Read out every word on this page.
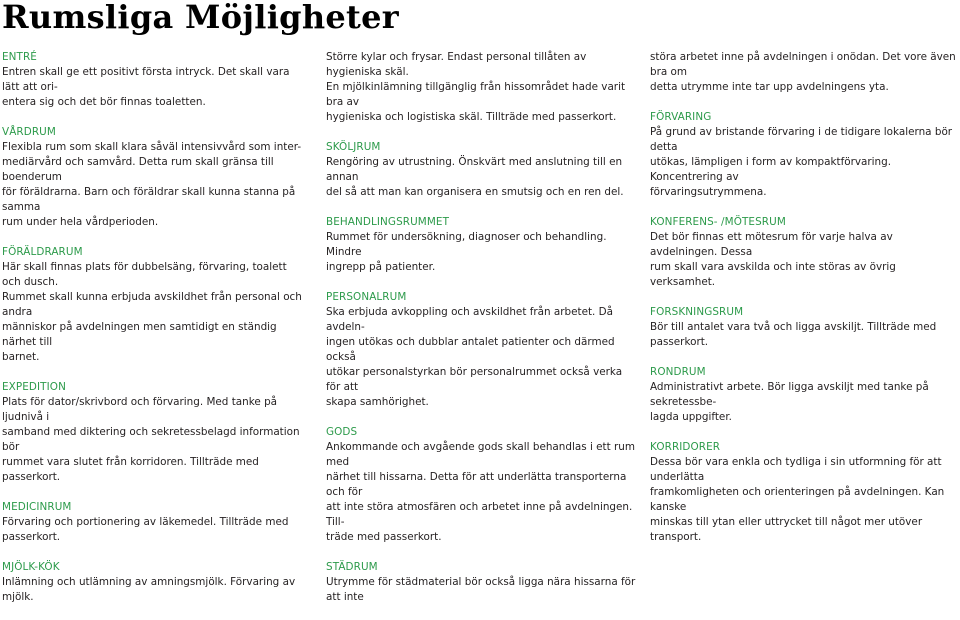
Rumsliga Möjligheter
ENTRÉ
Entren skall ge ett positivt första intryck. Det skall vara lätt att ori-
entera sig och det bör finnas toaletten.
VÅRDRUM
Flexibla rum som skall klara såväl intensivvård som inter-
mediärvård och samvård. Detta rum skall gränsa till boenderum
för föräldrarna. Barn och föräldrar skall kunna stanna på samma
rum under hela vårdperioden.
FÖRÄLDRARUM
Här skall finnas plats för dubbelsäng, förvaring, toalett och dusch.
Rummet skall kunna erbjuda avskildhet från personal och andra
människor på avdelningen men samtidigt en ständig närhet till
barnet.
EXPEDITION
Plats för dator/skrivbord och förvaring. Med tanke på ljudnivå i
samband med diktering och sekretessbelagd information bör
rummet vara slutet från korridoren. Tillträde med passerkort.
MEDICINRUM
Förvaring och portionering av läkemedel. Tillträde med passerkort.
MJÖLK-KÖK
Inlämning och utlämning av amningsmjölk. Förvaring av mjölk.
Större kylar och frysar. Endast personal tillåten av hygieniska skäl.
En mjölkinlämning tillgänglig från hissområdet hade varit bra av
hygieniska och logistiska skäl. Tillträde med passerkort.
SKÖLJRUM
Rengöring av utrustning. Önskvärt med anslutning till en annan
del så att man kan organisera en smutsig och en ren del.
BEHANDLINGSRUMMET
Rummet för undersökning, diagnoser och behandling. Mindre
ingrepp på patienter.
PERSONALRUM
Ska erbjuda avkoppling och avskildhet från arbetet. Då avdeln-
ingen utökas och dubblar antalet patienter och därmed också
utökar personalstyrkan bör personalrummet också verka för att
skapa samhörighet.
GODS
Ankommande och avgående gods skall behandlas i ett rum med
närhet till hissarna. Detta för att underlätta transporterna och för
att inte störa atmosfären och arbetet inne på avdelningen. Till-
träde med passerkort.
STÄDRUM
Utrymme för städmaterial bör också ligga nära hissarna för att inte
störa arbetet inne på avdelningen i onödan. Det vore även bra om
detta utrymme inte tar upp avdelningens yta.
FÖRVARING
På grund av bristande förvaring i de tidigare lokalerna bör detta
utökas, lämpligen i form av kompaktförvaring. Koncentrering av
förvaringsutrymmena.
KONFERENS- /MÖTESRUM
Det bör finnas ett mötesrum för varje halva av avdelningen. Dessa
rum skall vara avskilda och inte störas av övrig verksamhet.
FORSKNINGSRUM
Bör till antalet vara två och ligga avskiljt. Tillträde med passerkort.
RONDRUM
Administrativt arbete. Bör ligga avskiljt med tanke på sekretessbe-
lagda uppgifter.
KORRIDORER
Dessa bör vara enkla och tydliga i sin utformning för att underlätta
framkomligheten och orienteringen på avdelningen. Kan kanske
minskas till ytan eller uttrycket till något mer utöver transport.
